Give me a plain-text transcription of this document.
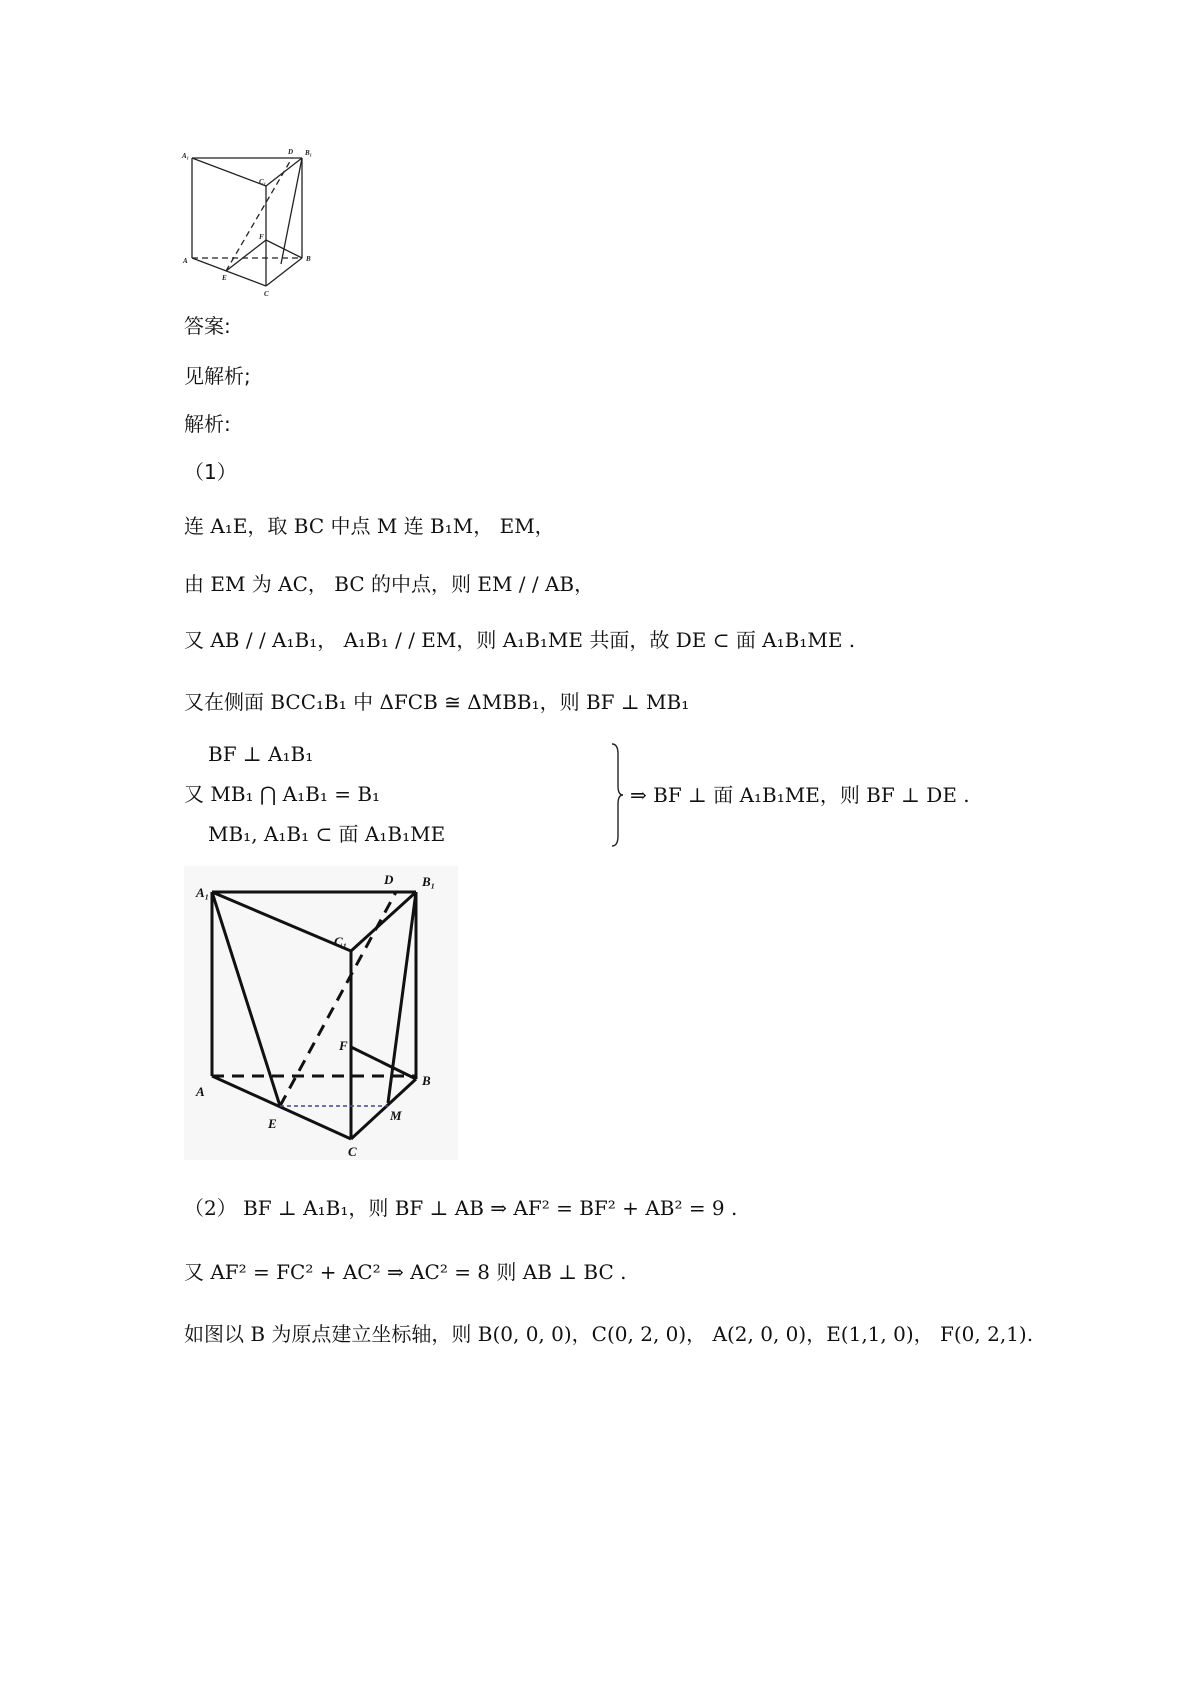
A₁	D B₁
C₁
F
A	B
E
C
答案:
见解析;
解析:
（1）
连 A₁E，取 BC 中点 M 连 B₁M， EM，
由 EM 为 AC， BC 的中点，则 EM / / AB，
又 AB / / A₁B₁， A₁B₁ / / EM，则 A₁B₁ME 共面，故 DE ⊂ 面 A₁B₁ME .
又在侧面 BCC₁B₁ 中 ΔFCB ≅ ΔMBB₁，则 BF ⊥ MB₁
BF ⊥ A₁B₁
又 MB₁ ⋂ A₁B₁ = B₁
MB₁, A₁B₁ ⊂ 面 A₁B₁ME
⇒ BF ⊥ 面 A₁B₁ME，则 BF ⊥ DE .
A₁
D B₁
C₁
F
A
B
E
M
C
（2） BF ⊥ A₁B₁，则 BF ⊥ AB ⇒ AF² = BF² + AB² = 9 .
又 AF² = FC² + AC² ⇒ AC² = 8 则 AB ⊥ BC .
如图以 B 为原点建立坐标轴，则 B(0, 0, 0)，C(0, 2, 0)， A(2, 0, 0)，E(1,1, 0)， F(0, 2,1).
